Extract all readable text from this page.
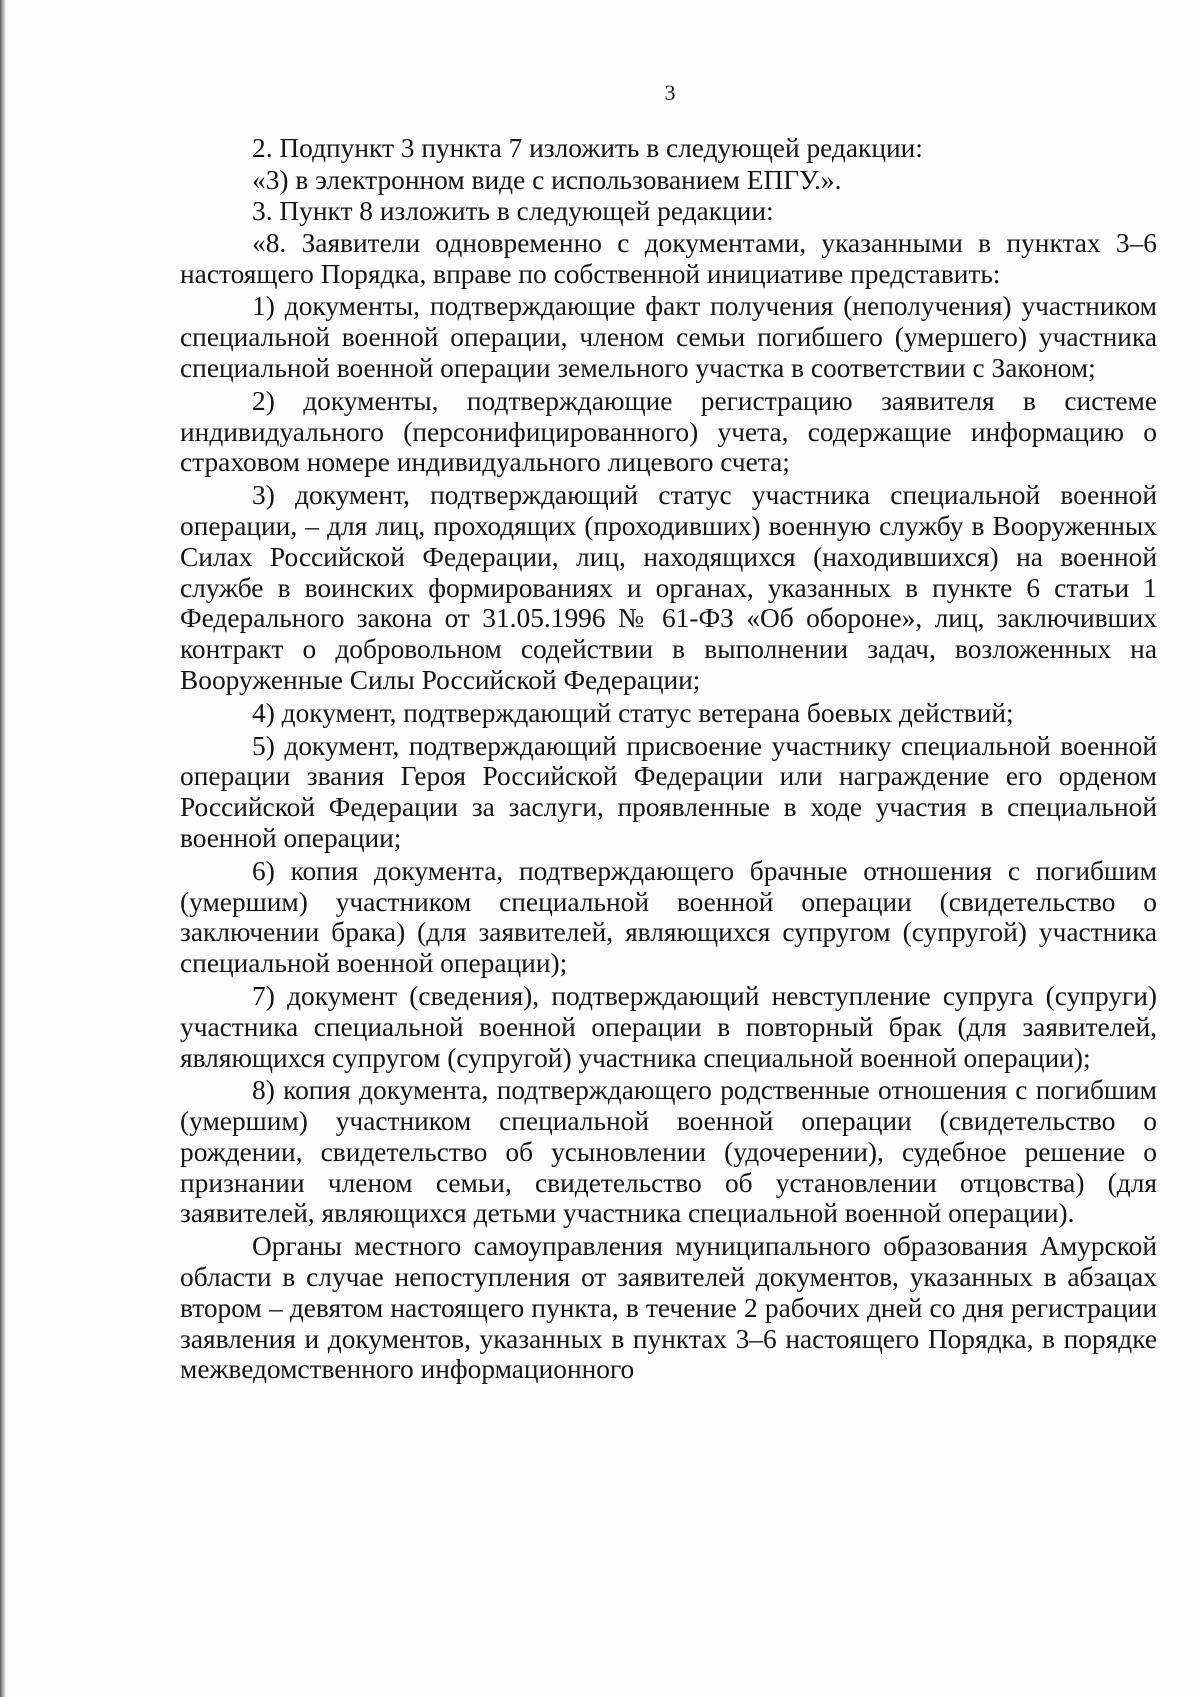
3

2. Подпункт 3 пункта 7 изложить в следующей редакции:

«3) в электронном виде с использованием ЕПГУ.».

3. Пункт 8 изложить в следующей редакции:

«8. Заявители одновременно с документами, указанными в пунктах 3–6 настоящего Порядка, вправе по собственной инициативе представить:

1) документы, подтверждающие факт получения (неполучения) участником специальной военной операции, членом семьи погибшего (умершего) участника специальной военной операции земельного участка в соответствии с Законом;

2) документы, подтверждающие регистрацию заявителя в системе индивидуального (персонифицированного) учета, содержащие информацию о страховом номере индивидуального лицевого счета;

3) документ, подтверждающий статус участника специальной военной операции, – для лиц, проходящих (проходивших) военную службу в Вооруженных Силах Российской Федерации, лиц, находящихся (находившихся) на военной службе в воинских формированиях и органах, указанных в пункте 6 статьи 1 Федерального закона от 31.05.1996 № 61-ФЗ «Об обороне», лиц, заключивших контракт о добровольном содействии в выполнении задач, возложенных на Вооруженные Силы Российской Федерации;

4) документ, подтверждающий статус ветерана боевых действий;

5) документ, подтверждающий присвоение участнику специальной военной операции звания Героя Российской Федерации или награждение его орденом Российской Федерации за заслуги, проявленные в ходе участия в специальной военной операции;

6) копия документа, подтверждающего брачные отношения с погибшим (умершим) участником специальной военной операции (свидетельство о заключении брака) (для заявителей, являющихся супругом (супругой) участника специальной военной операции);

7) документ (сведения), подтверждающий невступление супруга (супруги) участника специальной военной операции в повторный брак (для заявителей, являющихся супругом (супругой) участника специальной военной операции);

8) копия документа, подтверждающего родственные отношения с погибшим (умершим) участником специальной военной операции (свидетельство о рождении, свидетельство об усыновлении (удочерении), судебное решение о признании членом семьи, свидетельство об установлении отцовства) (для заявителей, являющихся детьми участника специальной военной операции).

Органы местного самоуправления муниципального образования Амурской области в случае непоступления от заявителей документов, указанных в абзацах втором – девятом настоящего пункта, в течение 2 рабочих дней со дня регистрации заявления и документов, указанных в пунктах 3–6 настоящего Порядка, в порядке межведомственного информационного
